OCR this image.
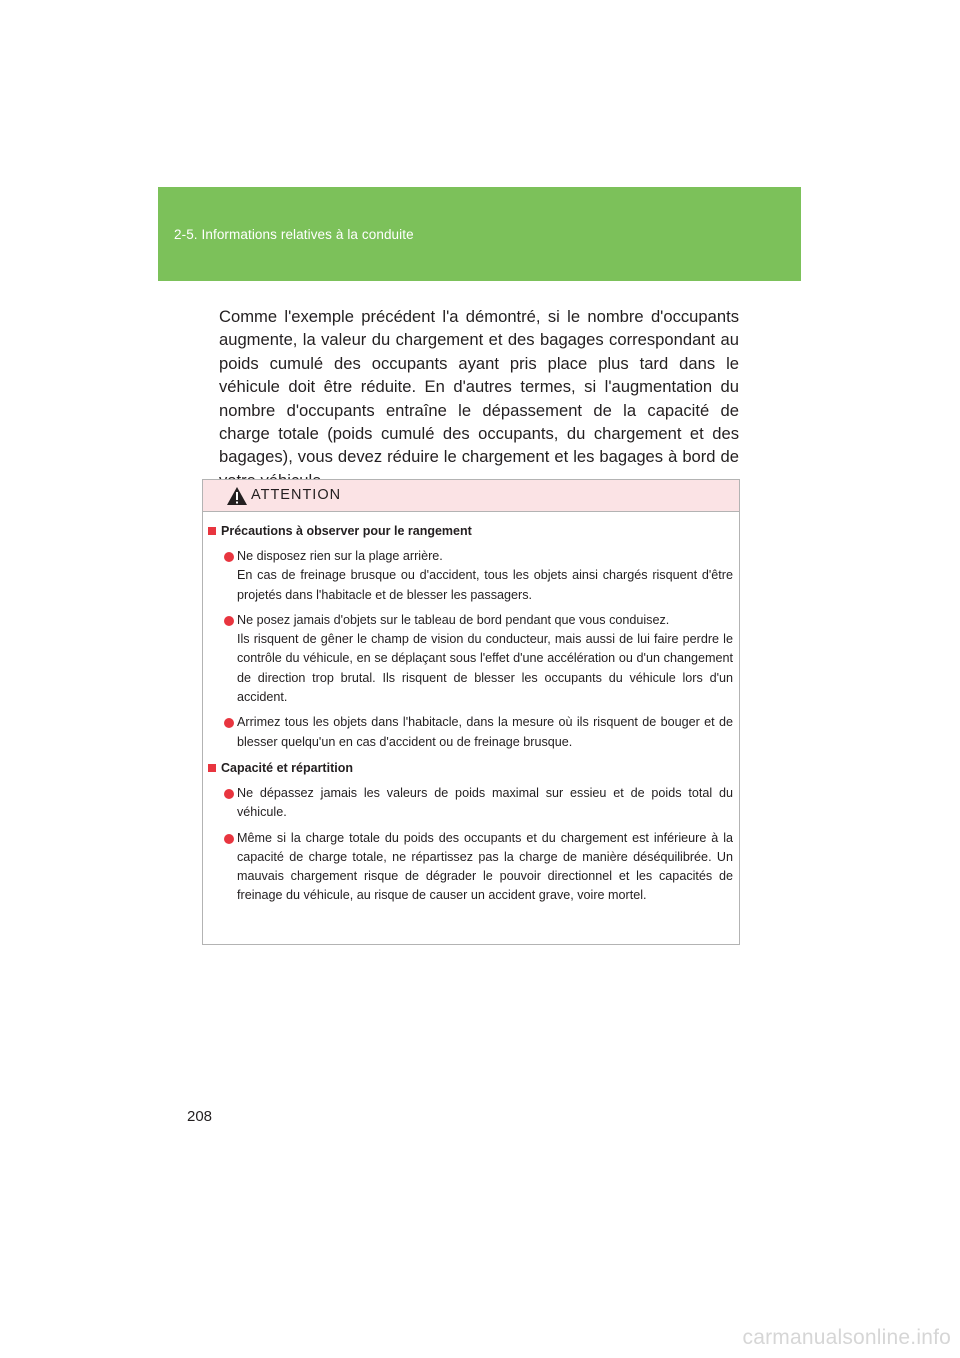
2-5. Informations relatives à la conduite

Comme l'exemple précédent l'a démontré, si le nombre d'occupants augmente, la valeur du chargement et des bagages correspondant au poids cumulé des occupants ayant pris place plus tard dans le véhicule doit être réduite. En d'autres termes, si l'augmentation du nombre d'occupants entraîne le dépassement de la capacité de charge totale (poids cumulé des occupants, du chargement et des bagages), vous devez réduire le chargement et les bagages à bord de

ATTENTION
Précautions à observer pour le rangement

Ne disposez rien sur la plage arrière.

En cas de freinage brusque ou d'accident, tous les objets ainsi chargés risquent d'être projetés dans l'habitacle et de blesser les passagers.

Ne posez jamais d'objets sur le tableau de bord pendant que vous conduisez.

Ils risquent de gêner le champ de vision du conducteur, mais aussi de lui faire perdre le contrôle du véhicule, en se déplaçant sous l'effet d'une accélération ou d'un changement de direction trop brutal. Ils risquent de blesser les occupants du véhicule lors d'un accident.

Arrimez tous les objets dans l'habitacle, dans la mesure où ils risquent de bouger et de blesser quelqu'un en cas d'accident ou de freinage brusque.

Capacité et répartition

Ne dépassez jamais les valeurs de poids maximal sur essieu et de poids total du véhicule.

Même si la charge totale du poids des occupants et du chargement est inférieure à la capacité de charge totale, ne répartissez pas la charge de manière déséquilibrée. Un mauvais chargement risque de dégrader le pouvoir directionnel et les capacités de freinage du véhicule, au risque de causer un accident grave, voire mortel.

208
carmanualsonline.info
